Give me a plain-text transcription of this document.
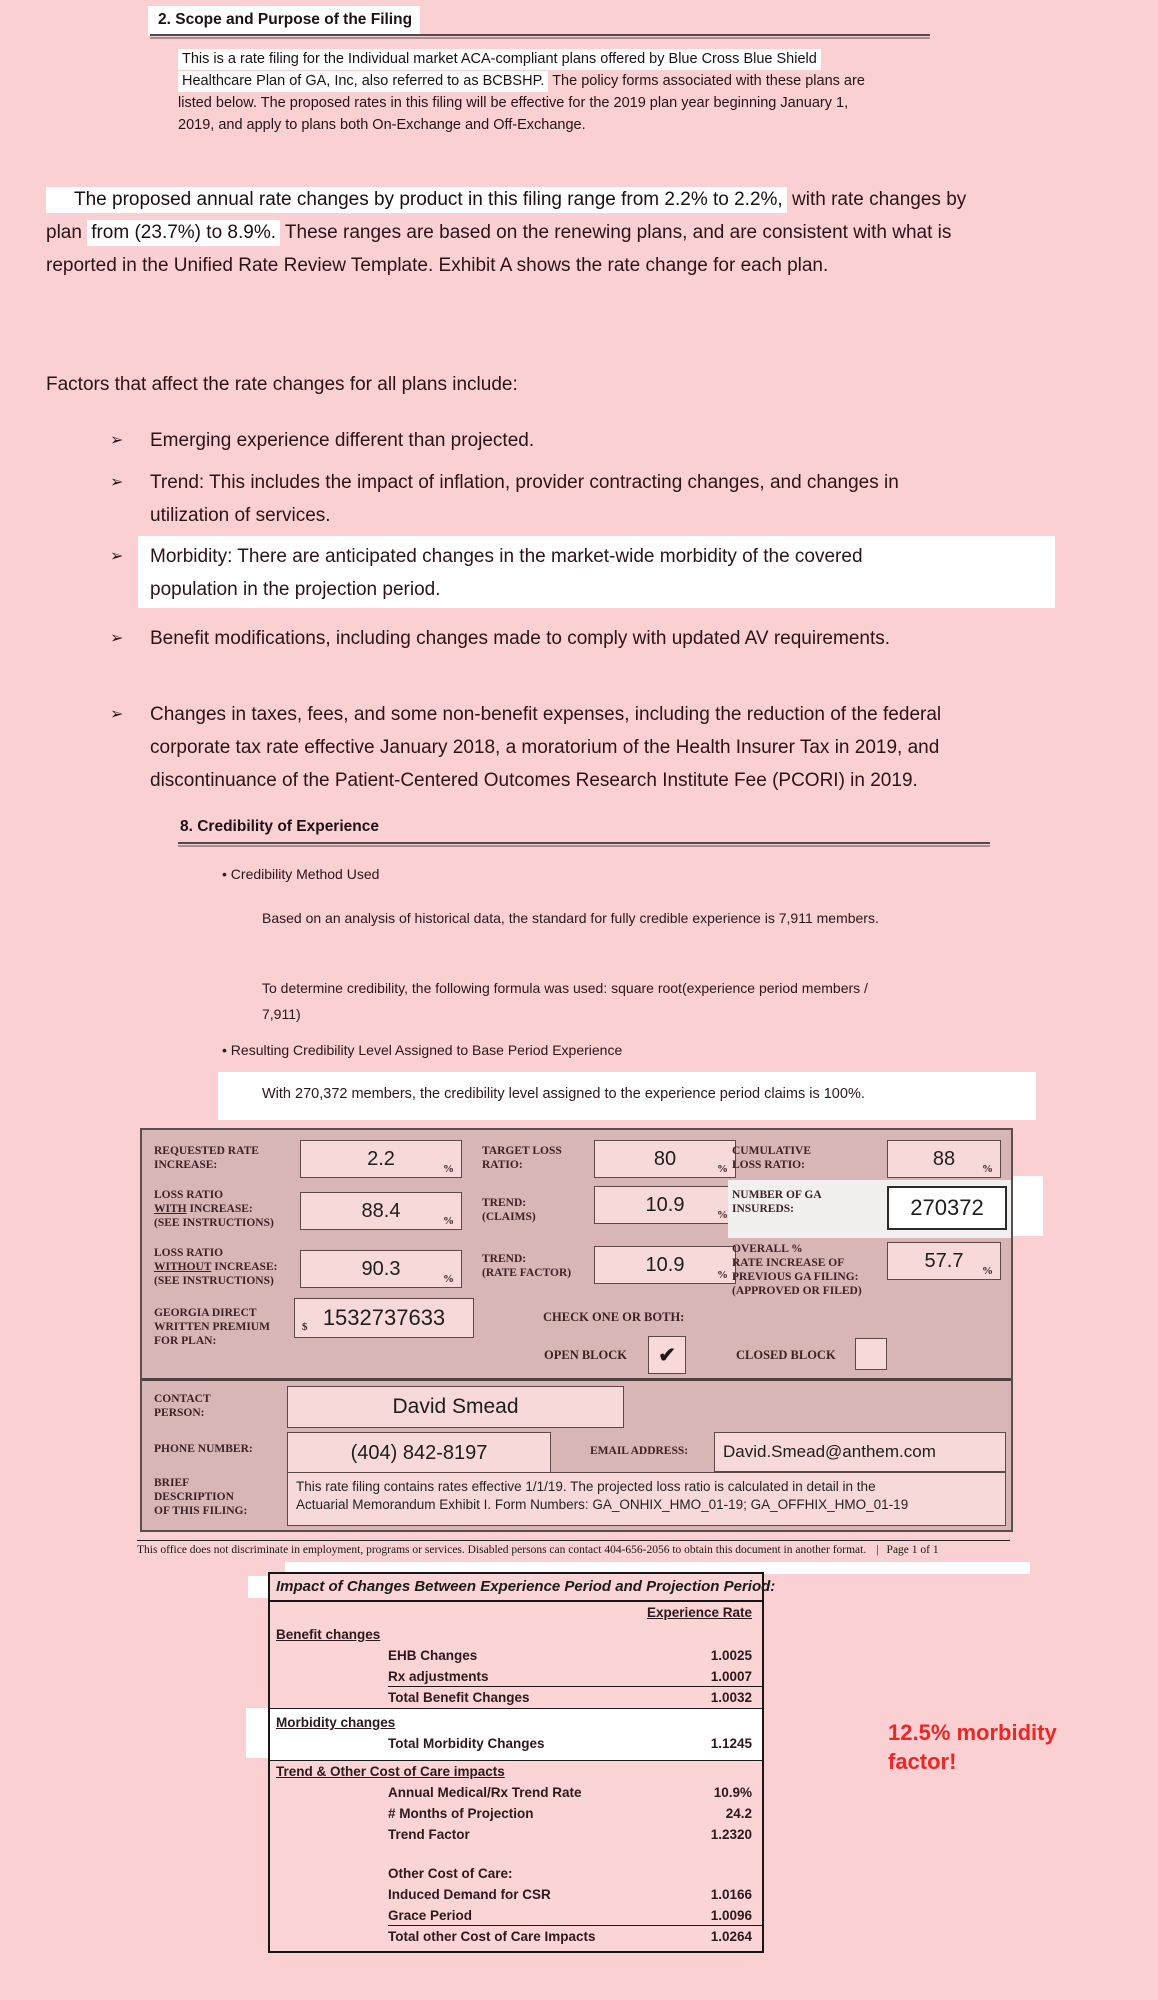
2. Scope and Purpose of the Filing
This is a rate filing for the Individual market ACA-compliant plans offered by Blue Cross Blue Shield
Healthcare Plan of GA, Inc, also referred to as BCBSHP. The policy forms associated with these plans are
listed below. The proposed rates in this filing will be effective for the 2019 plan year beginning January 1,
2019, and apply to plans both On-Exchange and Off-Exchange.
The proposed annual rate changes by product in this filing range from 2.2% to 2.2%, with rate changes by
plan from (23.7%) to 8.9%. These ranges are based on the renewing plans, and are consistent with what is
reported in the Unified Rate Review Template. Exhibit A shows the rate change for each plan.
Factors that affect the rate changes for all plans include:
➢	Emerging experience different than projected.
➢	Trend: This includes the impact of inflation, provider contracting changes, and changes in
utilization of services.
➢	Morbidity: There are anticipated changes in the market-wide morbidity of the covered
population in the projection period.
➢	Benefit modifications, including changes made to comply with updated AV requirements.
➢	Changes in taxes, fees, and some non-benefit expenses, including the reduction of the federal
corporate tax rate effective January 2018, a moratorium of the Health Insurer Tax in 2019, and
discontinuance of the Patient-Centered Outcomes Research Institute Fee (PCORI) in 2019.
8. Credibility of Experience
• Credibility Method Used
Based on an analysis of historical data, the standard for fully credible experience is 7,911 members.
To determine credibility, the following formula was used: square root(experience period members /
7,911)
• Resulting Credibility Level Assigned to Base Period Experience
With 270,372 members, the credibility level assigned to the experience period claims is 100%.
REQUESTED RATE
INCREASE:	2.2	%
TARGET LOSS
RATIO:	80	%
CUMULATIVE
LOSS RATIO:	88 %
LOSS RATIO
WITH INCREASE:
(SEE INSTRUCTIONS)
88.4	%
TREND:
(CLAIMS)
10.9	%
NUMBER OF GA
INSUREDS:	270372
LOSS RATIO
WITHOUT INCREASE:
(SEE INSTRUCTIONS)
90.3	%
TREND:
(RATE FACTOR)	10.9	%
OVERALL %
RATE INCREASE OF
PREVIOUS GA FILING:
(APPROVED OR FILED)
57.7 %
GEORGIA DIRECT
WRITTEN PREMIUM
FOR PLAN:
$ 1532737633	CHECK ONE OR BOTH:
OPEN BLOCK ✔	CLOSED BLOCK
CONTACT
PERSON:	David Smead
PHONE NUMBER:	(404) 842-8197	EMAIL ADDRESS: David.Smead@anthem.com
BRIEF
DESCRIPTION
OF THIS FILING:
This rate filing contains rates effective 1/1/19. The projected loss ratio is calculated in detail in the
Actuarial Memorandum Exhibit I. Form Numbers: GA_ONHIX_HMO_01-19; GA_OFFHIX_HMO_01-19
This office does not discriminate in employment, programs or services. Disabled persons can contact 404-656-2056 to obtain this document in another format. | Page 1 of 1
Impact of Changes Between Experience Period and Projection Period:
Experience Rate
Benefit changes
EHB Changes	1.0025
Rx adjustments	1.0007
Total Benefit Changes	1.0032
Morbidity changes
Total Morbidity Changes	1.1245
Trend & Other Cost of Care impacts
Annual Medical/Rx Trend Rate	10.9%
# Months of Projection	24.2
Trend Factor	1.2320
Other Cost of Care:
Induced Demand for CSR	1.0166
Grace Period	1.0096
Total other Cost of Care Impacts	1.0264
12.5% morbidity
factor!
